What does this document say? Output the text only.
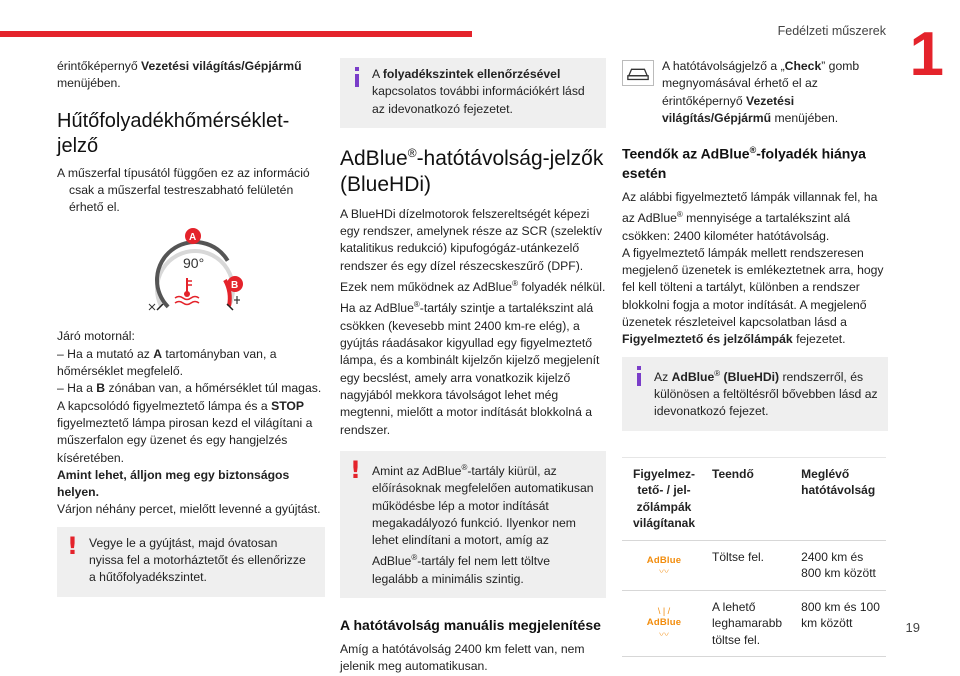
Fedélzeti műszerek 1
19

érintőképernyő Vezetési világítás/Gépjármű menüjében.

Hűtőfolyadékhőmérséklet-jelző

A műszerfal típusától függően ez az információ csak a műszerfal testreszabható felületén érhető el.

90°
A
B

Járó motornál:

– Ha a mutató az A tartományban van, a hőmérséklet megfelelő.

– Ha a B zónában van, a hőmérséklet túl magas. A kapcsolódó figyelmeztető lámpa és a STOP figyelmeztető lámpa pirosan kezd el világítani a műszerfalon egy üzenet és egy hangjelzés kíséretében.

Amint lehet, álljon meg egy biztonságos helyen.

Várjon néhány percet, mielőtt levenné a gyújtást.

! Vegye le a gyújtást, majd óvatosan nyissa fel a motorháztetőt és ellenőrizze a hűtőfolyadékszintet.

A folyadékszintek ellenőrzésével kapcsolatos további információkért lásd az idevonatkozó fejezetet.

AdBlue®-hatótávolság-jelzők (BlueHDi)

A BlueHDi dízelmotorok felszereltségét képezi egy rendszer, amelynek része az SCR (szelektív katalitikus redukció) kipufogógáz-utánkezelő rendszer és egy dízel részecskeszűrő (DPF). Ezek nem működnek az AdBlue® folyadék nélkül.

Ha az AdBlue®-tartály szintje a tartalékszint alá csökken (kevesebb mint 2400 km-re elég), a gyújtás ráadásakor kigyullad egy figyelmeztető lámpa, és a kombinált kijelzőn kijelző megjelenít egy becslést, amely arra vonatkozik kijelző nagyjából mekkora távolságot lehet még megtenni, mielőtt a motor indítását blokkolná a rendszer.

! Amint az AdBlue®-tartály kiürül, az előírásoknak megfelelően automatikusan működésbe lép a motor indítását megakadályozó funkció. Ilyenkor nem lehet elindítani a motort, amíg az AdBlue®-tartály fel nem lett töltve legalább a minimális szintig.

A hatótávolság manuális megjelenítése

Amíg a hatótávolság 2400 km felett van, nem jelenik meg automatikusan.

A hatótávolságjelző a „Check” gomb megnyomásával érhető el az érintőképernyő Vezetési világítás/Gépjármű menüjében.

Teendők az AdBlue®-folyadék hiánya esetén

Az alábbi figyelmeztető lámpák villannak fel, ha az AdBlue® mennyisége a tartalékszint alá csökken: 2400 kilométer hatótávolság.

A figyelmeztető lámpák mellett rendszeresen megjelenő üzenetek is emlékeztetnek arra, hogy fel kell tölteni a tartályt, különben a rendszer blokkolni fogja a motor indítását. A megjelenő üzenetek részleteivel kapcsolatban lásd a Figyelmeztető és jelzőlámpák fejezetet.

Az AdBlue® (BlueHDi) rendszerről, és különösen a feltöltésről bővebben lásd az idevonatkozó fejezet.

Figyelmez-tető- / jel-zőlámpák világítanak	Teendő	Meglévő hatótávolság

AdBlue
〰	Töltse fel.	2400 km és 800 km között

\ | /
AdBlue
〰	A lehető leghamarabb töltse fel.	800 km és 100 km között
